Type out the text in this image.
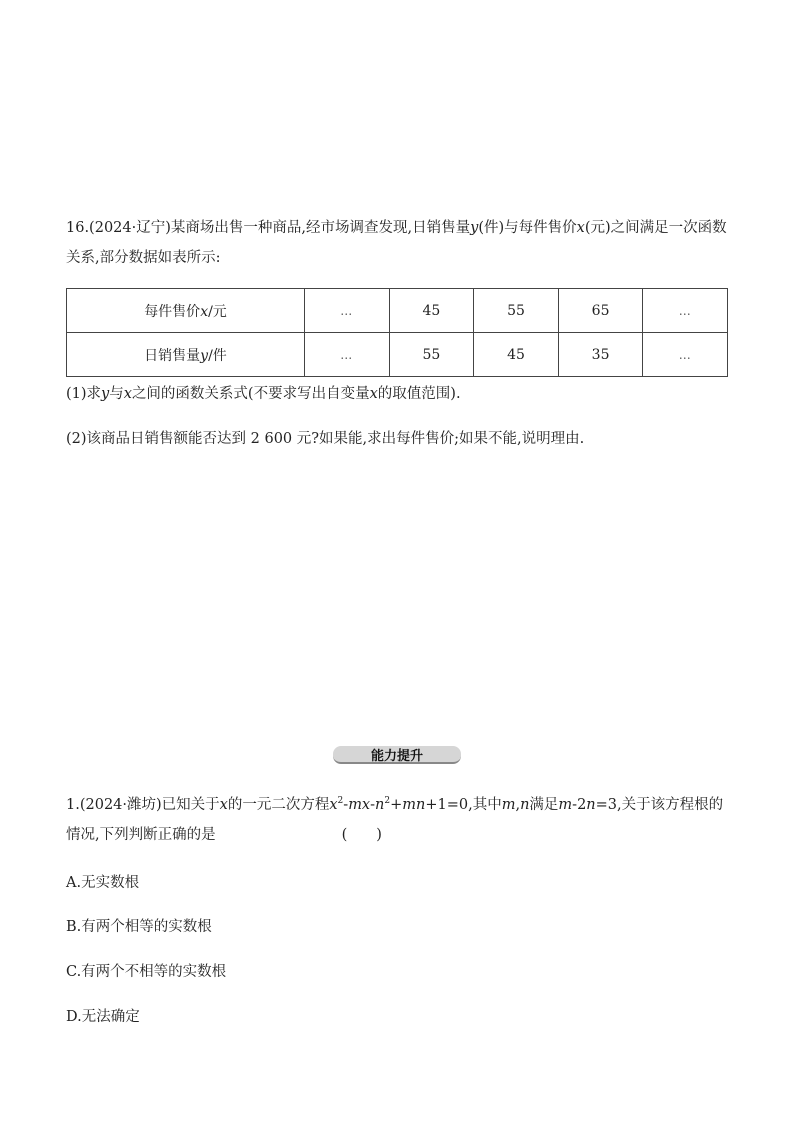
16.(2024·辽宁)某商场出售一种商品,经市场调查发现,日销售量y(件)与每件售价x(元)之间满足一次函数关系,部分数据如表所示:
每件售价x/元	…	45	55	65	…
日销售量y/件	…	55	45	35	…
(1)求y与x之间的函数关系式(不要求写出自变量x的取值范围).
(2)该商品日销售额能否达到 2 600 元?如果能,求出每件售价;如果不能,说明理由.
能力提升
1.(2024·潍坊)已知关于x的一元二次方程$x^2-mx-n^2+mn+1=0$,其中m,n满足m-2n=3,关于该方程根的情况,下列判断正确的是	(　　)
A.无实数根
B.有两个相等的实数根
C.有两个不相等的实数根
D.无法确定
